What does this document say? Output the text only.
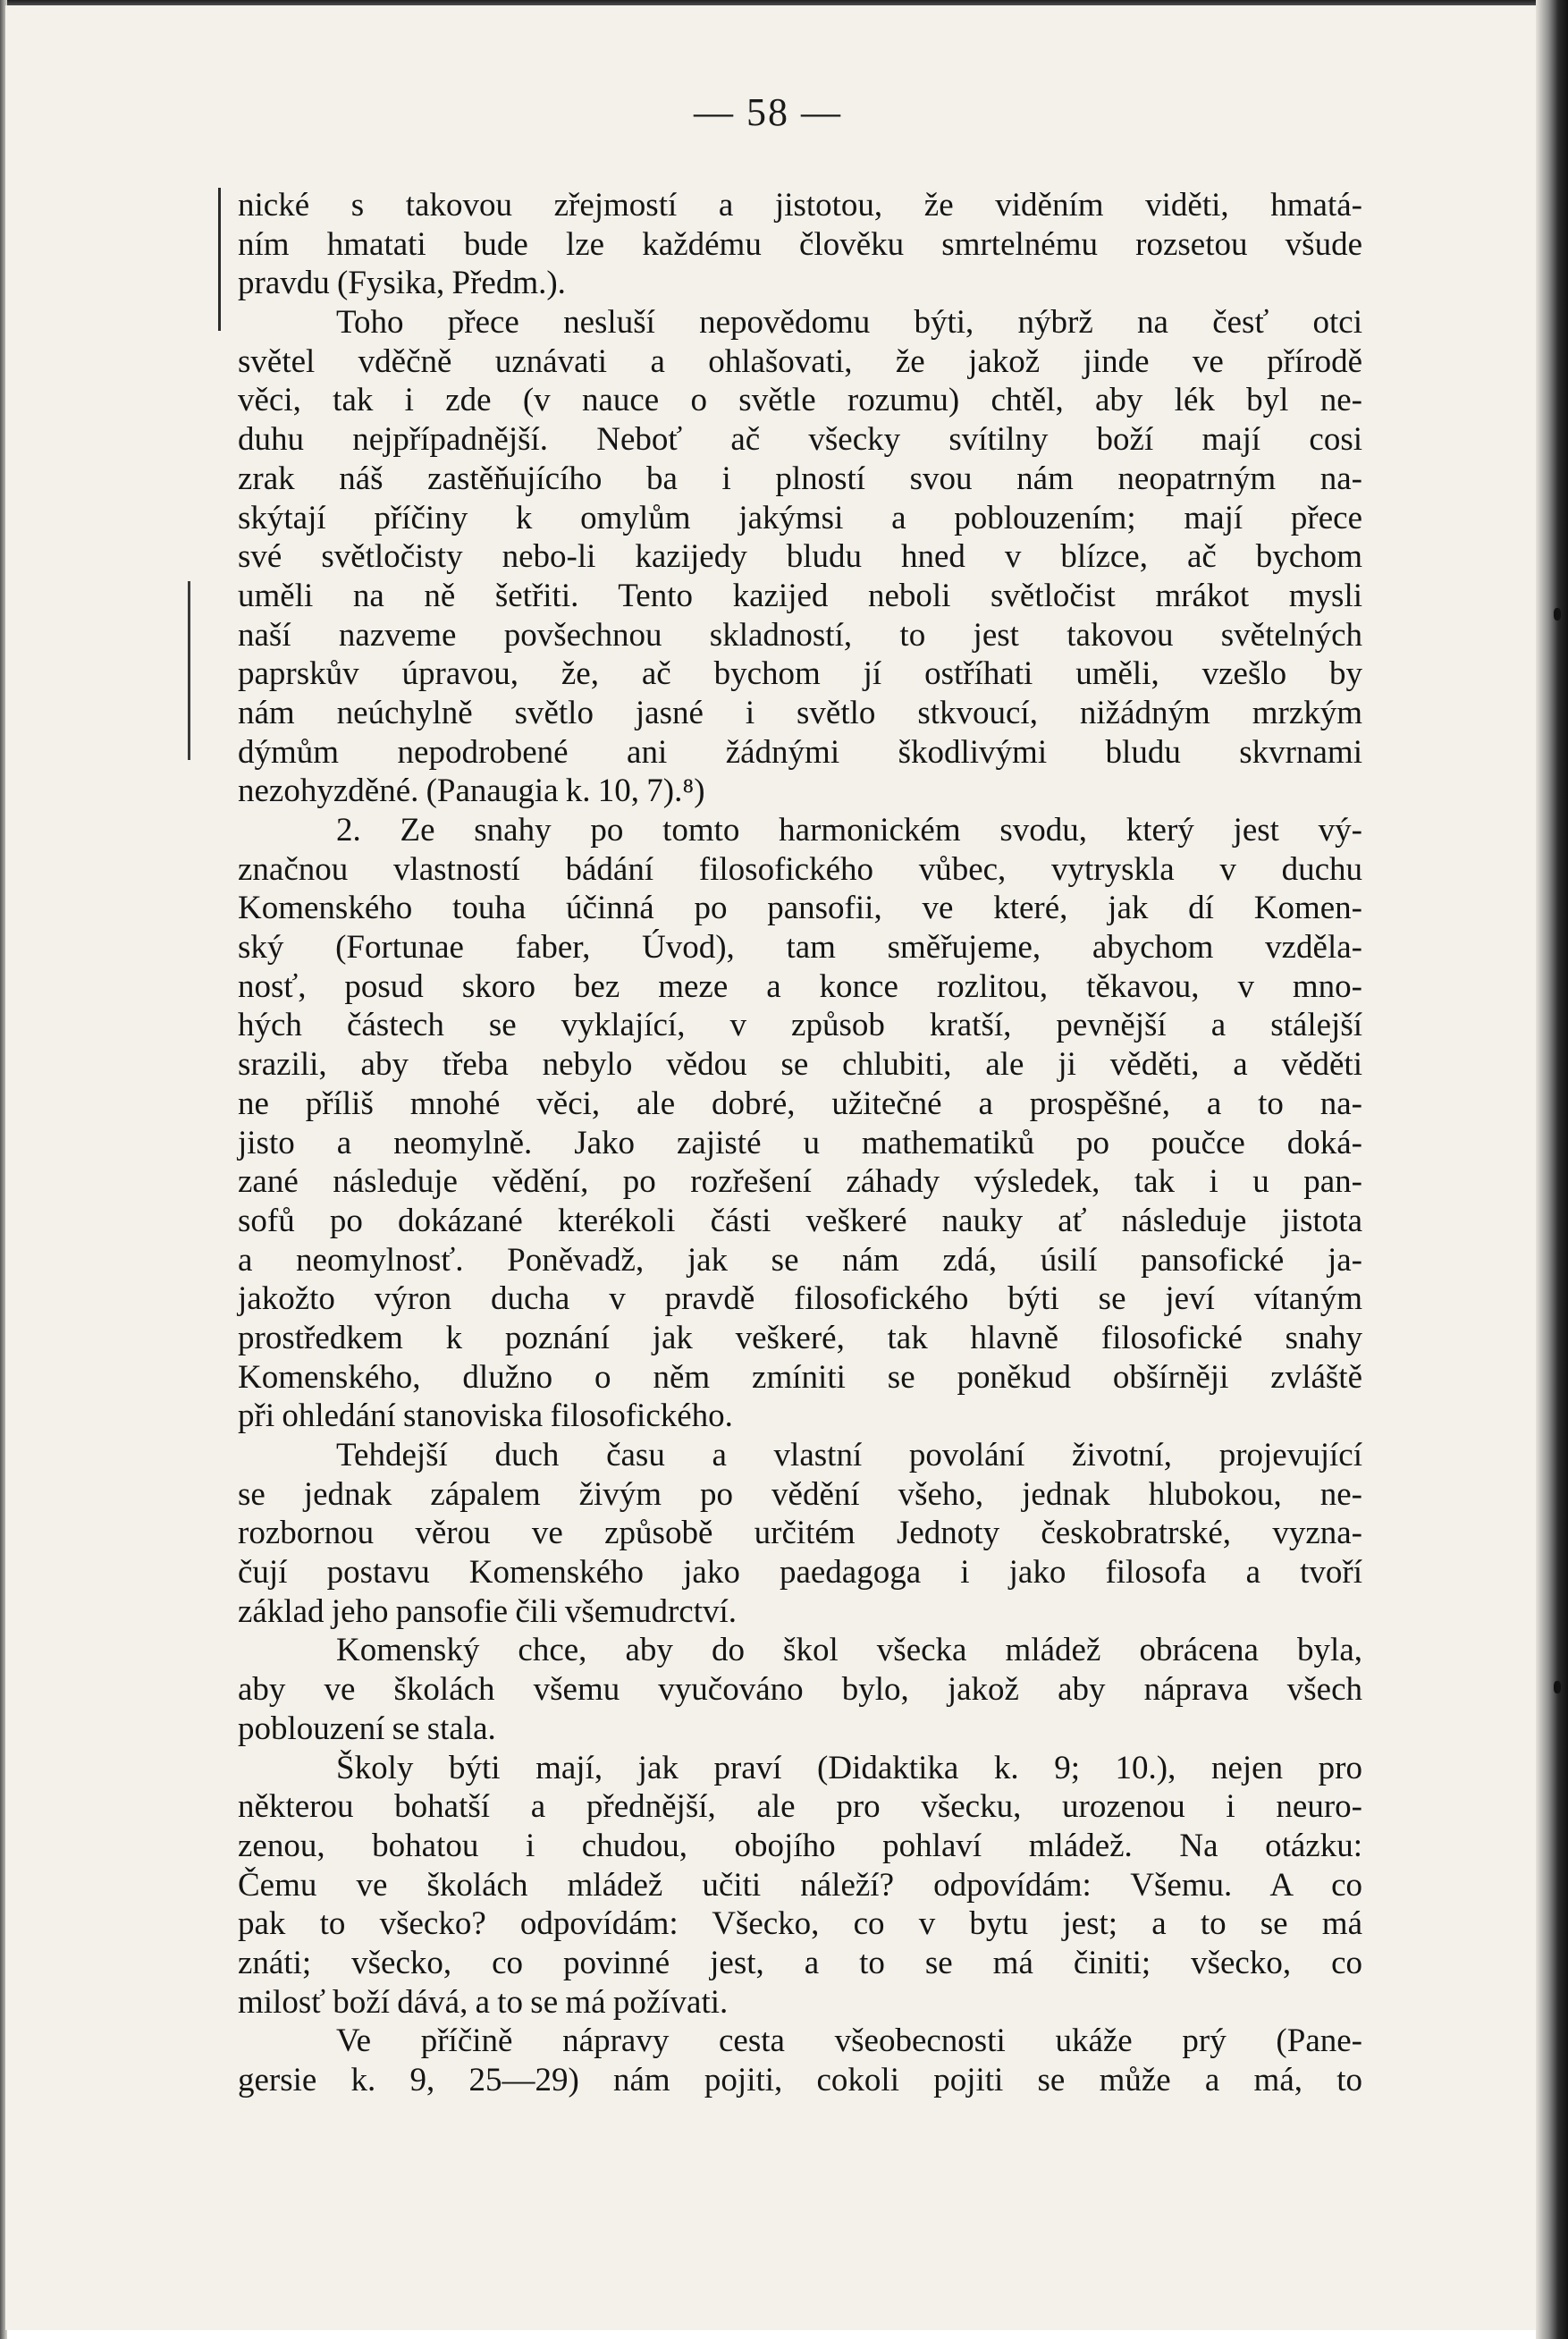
— 58 —
nické s takovou zřejmostí a jistotou, že viděním viděti, hmatá-
ním hmatati bude lze každému člověku smrtelnému rozsetou všude
pravdu (Fysika, Předm.).
Toho přece nesluší nepovědomu býti, nýbrž na česť otci
světel vděčně uznávati a ohlašovati, že jakož jinde ve přírodě
věci, tak i zde (v nauce o světle rozumu) chtěl, aby lék byl ne-
duhu nejpřípadnější. Neboť ač všecky svítilny boží mají cosi
zrak náš zastěňujícího ba i plností svou nám neopatrným na-
skýtají příčiny k omylům jakýmsi a poblouzením; mají přece
své světločisty nebo-li kazijedy bludu hned v blízce, ač bychom
uměli na ně šetřiti. Tento kazijed neboli světločist mrákot mysli
naší nazveme povšechnou skladností, to jest takovou světelných
paprskův úpravou, že, ač bychom jí ostříhati uměli, vzešlo by
nám neúchylně světlo jasné i světlo stkvoucí, nižádným mrzkým
dýmům nepodrobené ani žádnými škodlivými bludu skvrnami
nezohyzděné. (Panaugia k. 10, 7).⁸)
2. Ze snahy po tomto harmonickém svodu, který jest vý-
značnou vlastností bádání filosofického vůbec, vytryskla v duchu
Komenského touha účinná po pansofii, ve které, jak dí Komen-
ský (Fortunae faber, Úvod), tam směřujeme, abychom vzděla-
nosť, posud skoro bez meze a konce rozlitou, těkavou, v mno-
hých částech se vyklající, v způsob kratší, pevnější a stálejší
srazili, aby třeba nebylo vědou se chlubiti, ale ji věděti, a věděti
ne příliš mnohé věci, ale dobré, užitečné a prospěšné, a to na-
jisto a neomylně. Jako zajisté u mathematiků po poučce doká-
zané následuje vědění, po rozřešení záhady výsledek, tak i u pan-
sofů po dokázané kterékoli části veškeré nauky ať následuje jistota
a neomylnosť. Poněvadž, jak se nám zdá, úsilí pansofické ja-
jakožto výron ducha v pravdě filosofického býti se jeví vítaným
prostředkem k poznání jak veškeré, tak hlavně filosofické snahy
Komenského, dlužno o něm zmíniti se poněkud obšírněji zvláště
při ohledání stanoviska filosofického.
Tehdejší duch času a vlastní povolání životní, projevující
se jednak zápalem živým po vědění všeho, jednak hlubokou, ne-
rozbornou věrou ve způsobě určitém Jednoty českobratrské, vyzna-
čují postavu Komenského jako paedagoga i jako filosofa a tvoří
základ jeho pansofie čili všemudrctví.
Komenský chce, aby do škol všecka mládež obrácena byla,
aby ve školách všemu vyučováno bylo, jakož aby náprava všech
poblouzení se stala.
Školy býti mají, jak praví (Didaktika k. 9; 10.), nejen pro
některou bohatší a přednější, ale pro všecku, urozenou i neuro-
zenou, bohatou i chudou, obojího pohlaví mládež. Na otázku:
Čemu ve školách mládež učiti náleží? odpovídám: Všemu. A co
pak to všecko? odpovídám: Všecko, co v bytu jest; a to se má
znáti; všecko, co povinné jest, a to se má činiti; všecko, co
milosť boží dává, a to se má požívati.
Ve příčině nápravy cesta všeobecnosti ukáže prý (Pane-
gersie k. 9, 25—29) nám pojiti, cokoli pojiti se může a má, to
